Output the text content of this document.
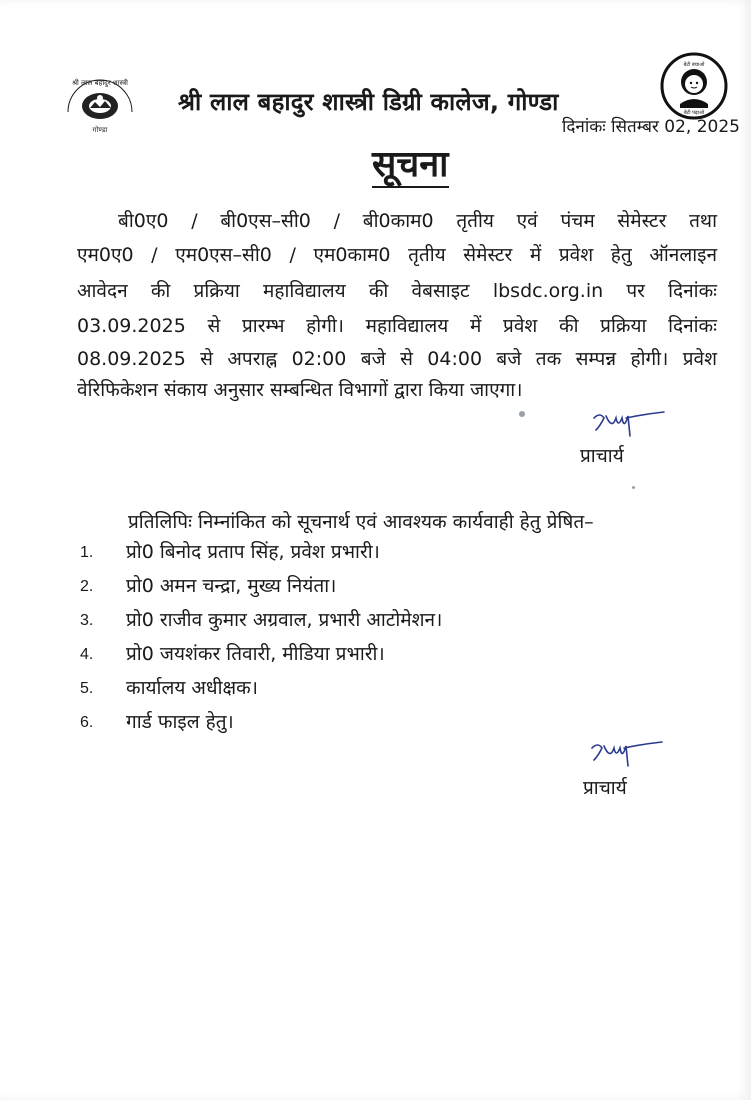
श्री लाल बहादुर शास्त्री
गोण्डा
बेटी बचाओ
बेटी पढ़ाओ
श्री लाल बहादुर शास्त्री डिग्री कालेज, गोण्डा
दिनांकः सितम्बर 02, 2025
सूचना
बी0ए0 / बी0एस–सी0 / बी0काम0 तृतीय एवं पंचम सेमेस्टर तथा
एम0ए0 / एम0एस–सी0 / एम0काम0 तृतीय सेमेस्टर में प्रवेश हेतु ऑनलाइन
आवेदन की प्रक्रिया महाविद्यालय की वेबसाइट lbsdc.org.in पर दिनांकः
03.09.2025 से प्रारम्भ होगी। महाविद्यालय में प्रवेश की प्रक्रिया दिनांकः
08.09.2025 से अपराह्न 02:00 बजे से 04:00 बजे तक सम्पन्न होगी। प्रवेश
वेरिफिकेशन संकाय अनुसार सम्बन्धित विभागों द्वारा किया जाएगा।
प्राचार्य
प्रतिलिपिः निम्नांकित को सूचनार्थ एवं आवश्यक कार्यवाही हेतु प्रेषित–
1.	प्रो0 बिनोद प्रताप सिंह, प्रवेश प्रभारी।
2.	प्रो0 अमन चन्द्रा, मुख्य नियंता।
3.	प्रो0 राजीव कुमार अग्रवाल, प्रभारी आटोमेशन।
4.	प्रो0 जयशंकर तिवारी, मीडिया प्रभारी।
5.	कार्यालय अधीक्षक।
6.	गार्ड फाइल हेतु।
प्राचार्य
